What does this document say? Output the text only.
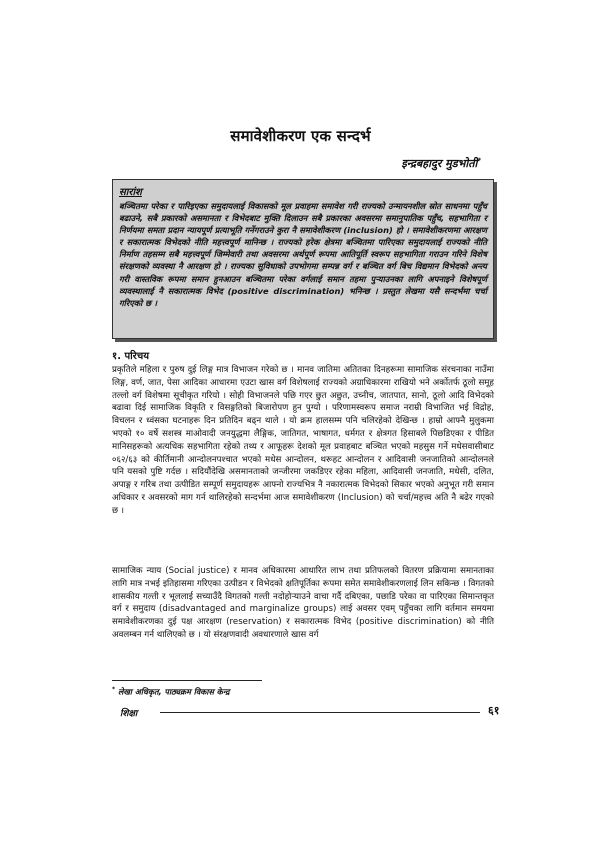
समावेशीकरण एक सन्दर्भ
इन्द्रबहादुर मुडभोती*
सारांश

बञ्चितमा परेका र पारिइएका समुदायलाई विकासको मूल प्रवाहमा समावेश गरी राज्यको उन्मायनशील स्रोत साधनमा पहुँच बढाउने, सबै प्रकारको असमानता र विभेदबाट मुक्ति दिलाउन सबै प्रकारका अवसरमा समानुपातिक पहुँच, सहभागिता र निर्णयमा समता प्रदान न्यायपूर्ण प्रत्याभूति गर्नेगराउने कुरा नै समावेशीकरण (inclusion) हो । समावेशीकरणमा आरक्षण र सकारात्मक विभेदको नीति महत्त्वपूर्ण मानिन्छ । राज्यको हरेक क्षेत्रमा बञ्चितमा पारिएका समुदायलाई राज्यको नीति निर्माण तहसम्म सबै महत्त्वपूर्ण जिम्मेवारी तथा अवसरमा अर्थपूर्ण रूपमा आतिपूर्ति स्वरूप सहभागिता गराउन गरिने विशेष संरक्षणको व्यवस्था नै आरक्षण हो । राज्यका सुविधाको उपभोगमा सम्पन्न वर्ग र बञ्चित वर्ग बिच विद्यमान विभेदको अन्त्य गरी वास्तविक रूपमा समान हुनआउन बञ्चितमा परेका वर्गलाई समान तहमा पुऱ्याउनका लागि अपनाइने विशेषपूर्ण व्यवस्थालाई नै सकारात्मक विभेद (positive discrimination) भनिन्छ । प्रस्तुत लेखमा यसै सन्दर्भमा चर्चा गरिएको छ ।

१. परिचय

प्रकृतिले महिला र पुरुष दुई लिङ्ग मात्र विभाजन गरेको छ । मानव जातिमा अतितका दिनहरूमा सामाजिक संरचनाका नाउँमा लिङ्ग, वर्ण, जात, पेसा आदिका आधारमा एउटा खास वर्ग विशेषलाई राज्यको अग्राधिकारमा राखियो भने अर्कोतर्फ ठूलो समूह तल्लो वर्ग विशेषमा सूचीकृत गरियो । सोही विभाजनले पछि गएर छुत अछुत, उच्नीच, जातपात, सानो, ठूलो आदि विभेदको बढावा दिई सामाजिक विकृति र विसङ्गतिको बिजारोपण हुन पुग्यो । परिणामस्वरूप समाज नराम्री विभाजित भई विद्रोह, विचलन र ध्वंसका घटनाहरू दिन प्रतिदिन बढ्न थाले । यो क्रम हालसम्म पनि चलिरहेको देखिन्छ । हाम्रो आफ्नै मुलुकमा भएको १० वर्षे सशस्त्र माओवादी जनयुद्धमा लैङ्गिक, जातिगत, भाषागत, धर्मगत र क्षेत्रगत हिसाबले पिछडिएका र पीडित मानिसहरूको अत्यधिक सहभागिता रहेको तथ्य र आफूहरू देशको मूल प्रवाहबाट बञ्चित भएको महसुस गर्ने मधेसवासीबाट ०६२/६३ को कीर्तिमानी आन्दोलनपश्चात भएको मधेस आन्दोलन, थरूहट आन्दोलन र आदिवासी जनजातिको आन्दोलनले पनि यसको पुष्टि गर्दछ । सदियौंदेखि असमानताको जन्जीरमा जकडिएर रहेका महिला, आदिवासी जनजाति, मधेसी, दलित, अपाङ्ग र गरिब तथा उत्पीडित सम्पूर्ण समुदायहरू आफ्नो राज्यभित्र नै नकारात्मक विभेदको सिकार भएको अनुभूत गरी समान अधिकार र अवसरको माग गर्न थालिरहेको सन्दर्भमा आज समावेशीकरण (Inclusion) को चर्चा/महत्त्व अति नै बढेर गएको छ ।

सामाजिक न्याय (Social justice) र मानव अधिकारमा आधारित लाभ तथा प्रतिफलको वितरण प्रक्रियामा समानताका लागि मात्र नभई इतिहासमा गरिएका उत्पीडन र विभेदको क्षतिपूर्तिका रूपमा समेत समावेशीकरणलाई लिन सकिन्छ । विगतको शासकीय गल्ती र भूललाई सच्याउँदै विगतको गल्ती नदोहोऱ्याउने वाचा गर्दै दबिएका, पछाडि परेका वा पारिएका सिमान्तकृत वर्ग र समुदाय (disadvantaged and marginalize groups) लाई अवसर एवम् पहुँचका लागि वर्तमान समयमा समावेशीकरणका दुई पक्ष आरक्षण (reservation) र सकारात्मक विभेद (positive discrimination) को नीति अवलम्बन गर्न थालिएको छ । यो संरक्षणवादी अवधारणाले खास वर्ग

* लेखा अधिकृत, पाठ्यक्रम विकास केन्द्र
शिक्षा	६१
